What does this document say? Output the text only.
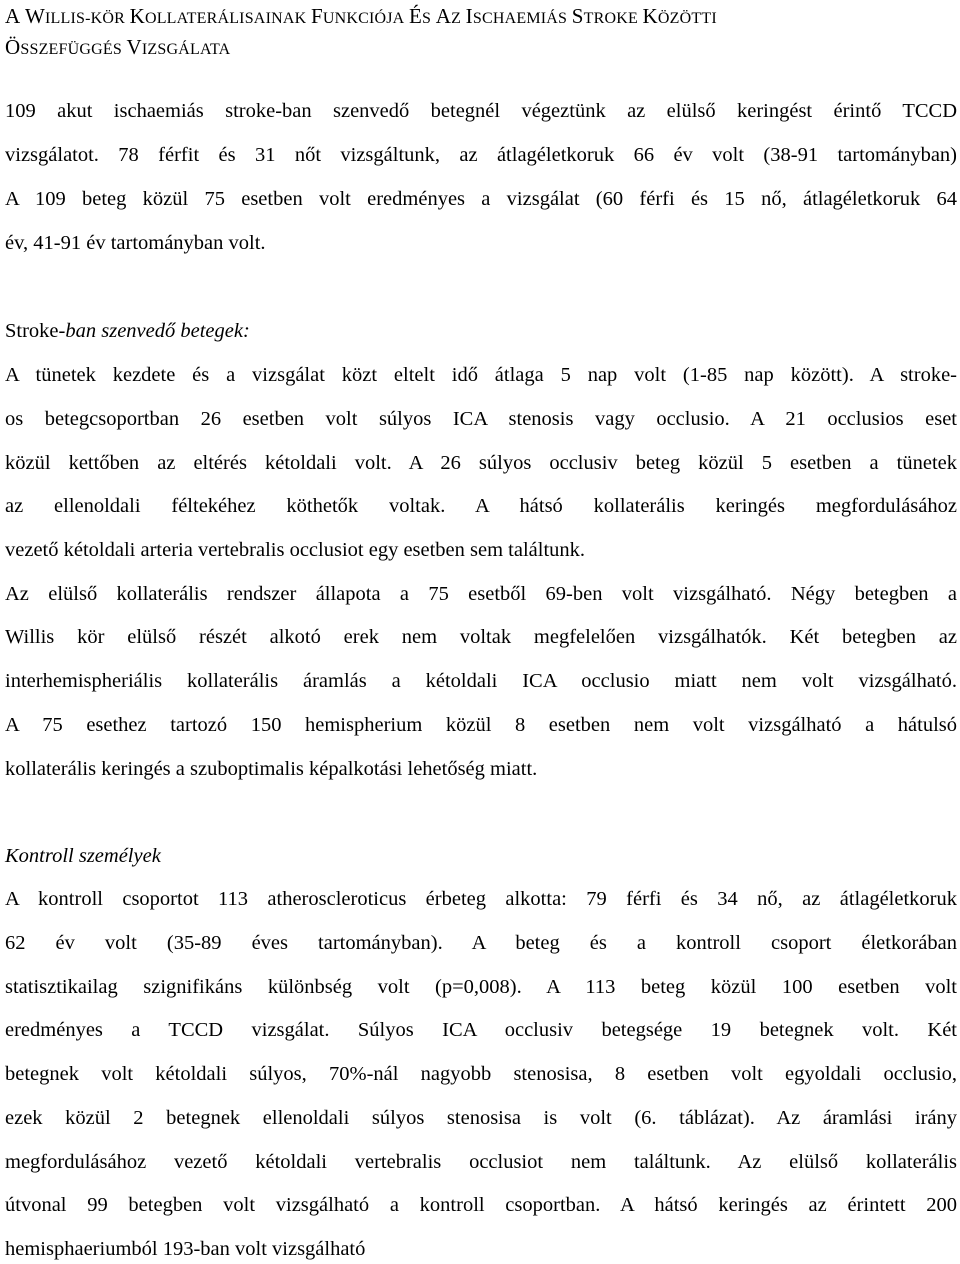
A WILLIS-KÖR KOLLATERÁLISAINAK FUNKCIÓJA ÉS AZ ISCHAEMIÁS STROKE KÖZÖTTI
ÖSSZEFÜGGÉS VIZSGÁLATA
109 akut ischaemiás stroke-ban szenvedő betegnél végeztünk az elülső keringést érintő TCCD
vizsgálatot. 78 férfit és 31 nőt vizsgáltunk, az átlagéletkoruk 66 év volt (38-91 tartományban)
A 109 beteg közül 75 esetben volt eredményes a vizsgálat (60 férfi és 15 nő, átlagéletkoruk 64
év, 41-91 év tartományban volt.
Stroke-ban szenvedő betegek:
A tünetek kezdete és a vizsgálat közt eltelt idő átlaga 5 nap volt (1-85 nap között). A stroke-
os betegcsoportban 26 esetben volt súlyos ICA stenosis vagy occlusio. A 21 occlusios eset
közül kettőben az eltérés kétoldali volt. A 26 súlyos occlusiv beteg közül 5 esetben a tünetek
az ellenoldali féltekéhez köthetők voltak. A hátsó kollaterális keringés megfordulásához
vezető kétoldali arteria vertebralis occlusiot egy esetben sem találtunk.
Az elülső kollaterális rendszer állapota a 75 esetből 69-ben volt vizsgálható. Négy betegben a
Willis kör elülső részét alkotó erek nem voltak megfelelően vizsgálhatók. Két betegben az
interhemispheriális kollaterális áramlás a kétoldali ICA occlusio miatt nem volt vizsgálható.
A 75 esethez tartozó 150 hemispherium közül 8 esetben nem volt vizsgálható a hátulsó
kollaterális keringés a szuboptimalis képalkotási lehetőség miatt.
Kontroll személyek
A kontroll csoportot 113 atheroscleroticus érbeteg alkotta: 79 férfi és 34 nő, az átlagéletkoruk
62 év volt (35-89 éves tartományban). A beteg és a kontroll csoport életkorában
statisztikailag szignifikáns különbség volt (p=0,008). A 113 beteg közül 100 esetben volt
eredményes a TCCD vizsgálat. Súlyos ICA occlusiv betegsége 19 betegnek volt. Két
betegnek volt kétoldali súlyos, 70%-nál nagyobb stenosisa, 8 esetben volt egyoldali occlusio,
ezek közül 2 betegnek ellenoldali súlyos stenosisa is volt (6. táblázat). Az áramlási irány
megfordulásához vezető kétoldali vertebralis occlusiot nem találtunk. Az elülső kollaterális
útvonal 99 betegben volt vizsgálható a kontroll csoportban. A hátsó keringés az érintett 200
hemisphaeriumból 193-ban volt vizsgálható
